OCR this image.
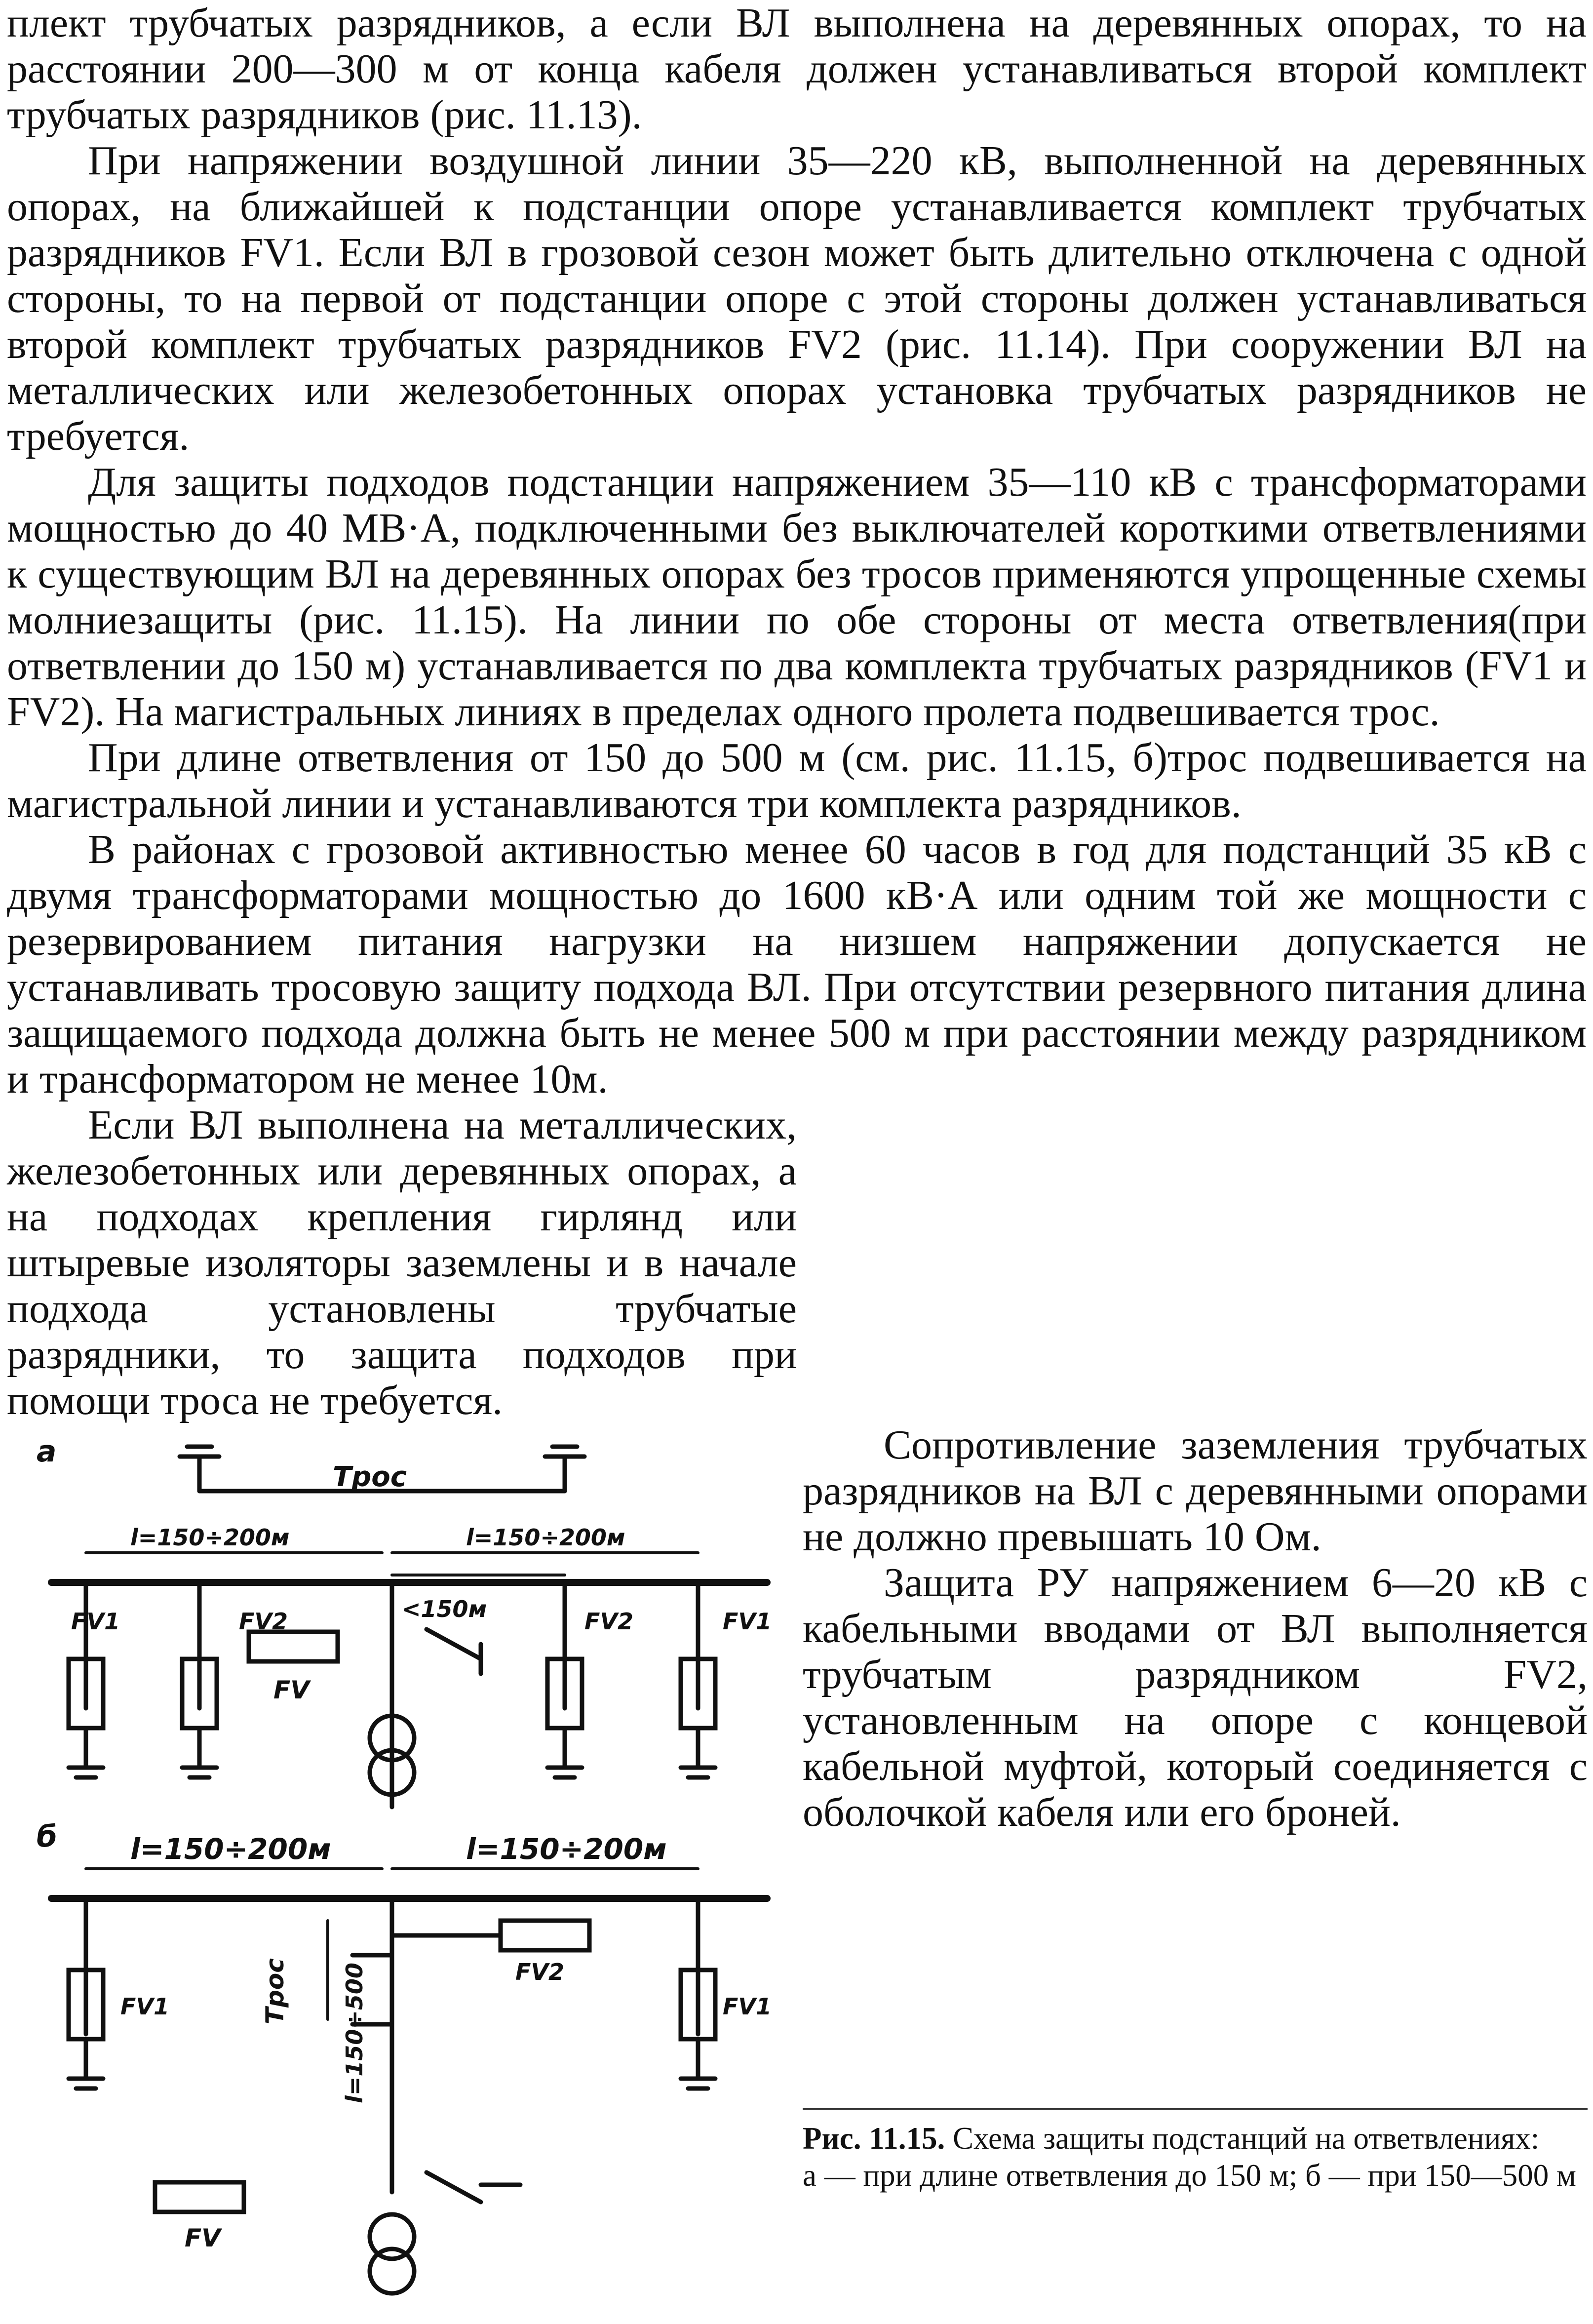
плект трубчатых разрядников, а если ВЛ выполнена на деревянных опорах, то на расстоянии 200—300 м от конца кабеля должен устанавливаться второй комплект трубчатых разрядников (рис. 11.13).

При напряжении воздушной линии 35—220 кВ, выполненной на деревянных опорах, на ближайшей к подстанции опоре устанавливается комплект трубчатых разрядников FV1. Если ВЛ в грозовой сезон может быть длительно отключена с одной стороны, то на первой от подстанции опоре с этой стороны должен устанавливаться второй комплект трубчатых разрядников FV2 (рис. 11.14). При сооружении ВЛ на металлических или железобетонных опорах установка трубчатых разрядников не требуется.

Для защиты подходов подстанции напряжением 35—110 кВ с трансформаторами мощностью до 40 МВ·А, подключенными без выключателей короткими ответвлениями к существующим ВЛ на деревянных опорах без тросов применяются упрощенные схемы молниезащиты (рис. 11.15). На линии по обе стороны от места ответвления(при ответвлении до 150 м) устанавливается по два комплекта трубчатых разрядников (FV1 и FV2). На магистральных линиях в пределах одного пролета подвешивается трос.

При длине ответвления от 150 до 500 м (см. рис. 11.15, б)трос подвешивается на магистральной линии и устанавливаются три комплекта разрядников.

В районах с грозовой активностью менее 60 часов в год для подстанций 35 кВ с двумя трансформаторами мощностью до 1600 кВ·А или одним той же мощности с резервированием питания нагрузки на низшем напряжении допускается не устанавливать тросовую защиту подхода ВЛ. При отсутствии резервного питания длина защищаемого подхода должна быть не менее 500 м при расстоянии между разрядником и трансформатором не менее 10м.

Если ВЛ выполнена на металлических, железобетонных или деревянных опорах, а на подходах крепления гирлянд или штыревые изоляторы заземлены и в начале подхода установлены трубчатые разрядники, то защита подходов при помощи троса не требуется.

Сопротивление заземления трубчатых разрядников на ВЛ с деревянными опорами не должно превышать 10 Ом.

Защита РУ напряжением 6—20 кВ с кабельными вводами от ВЛ выполняется трубчатым разрядником FV2, установленным на опоре с концевой кабельной муфтой, который соединяется с оболочкой кабеля или его броней.

а
Трос
l=150÷200м	l=150÷200м
<150м
FV1	FV2	FV2	FV1
FV
б	l=150÷200м	l=150÷200м
FV2
FV1	FV1
Трос l=150÷500
FV
Рис. 11.15. Схема защиты подстанций на ответвлениях:
а — при длине ответвления до 150 м; б — при 150—500 м
